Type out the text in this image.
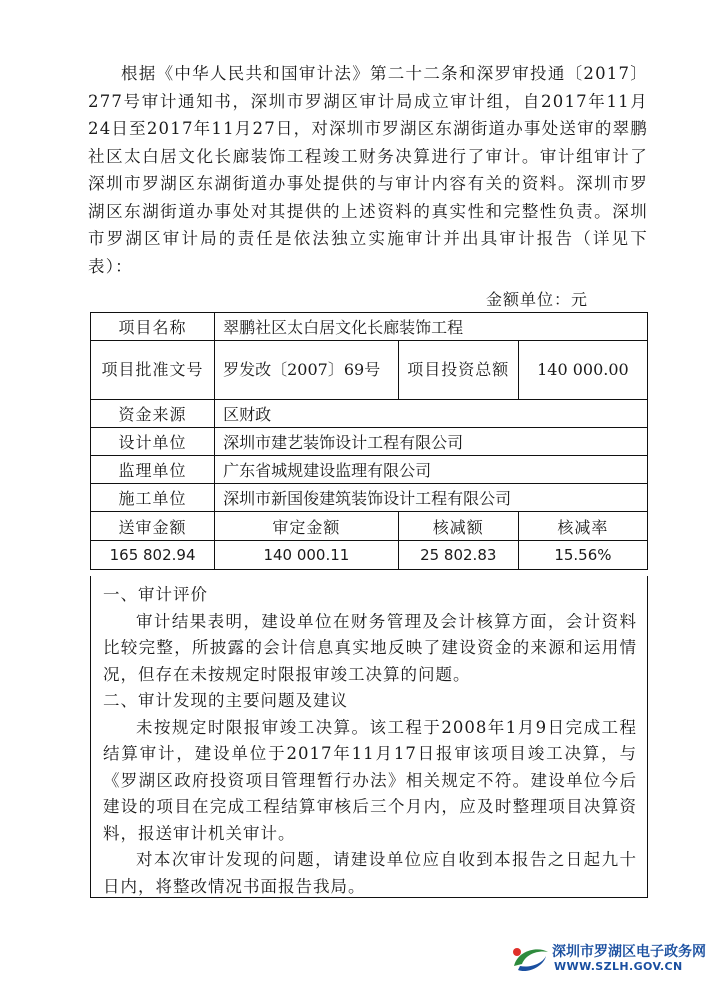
根据《中华人民共和国审计法》第二十二条和深罗审投通〔2017〕277号审计通知书，深圳市罗湖区审计局成立审计组，自2017年11月24日至2017年11月27日，对深圳市罗湖区东湖街道办事处送审的翠鹏社区太白居文化长廊装饰工程竣工财务决算进行了审计。审计组审计了深圳市罗湖区东湖街道办事处提供的与审计内容有关的资料。深圳市罗湖区东湖街道办事处对其提供的上述资料的真实性和完整性负责。深圳市罗湖区审计局的责任是依法独立实施审计并出具审计报告（详见下表）：
金额单位：元
项目名称	翠鹏社区太白居文化长廊装饰工程		
项目批准文号	罗发改〔2007〕69号	项目投资总额	140 000.00
资金来源	区财政		
设计单位	深圳市建艺装饰设计工程有限公司		
监理单位	广东省城规建设监理有限公司		
施工单位	深圳市新国俊建筑装饰设计工程有限公司		
送审金额	审定金额	核减额	核减率
165 802.94	140 000.11	25 802.83	15.56%

一、审计评价

审计结果表明，建设单位在财务管理及会计核算方面，会计资料比较完整，所披露的会计信息真实地反映了建设资金的来源和运用情况，但存在未按规定时限报审竣工决算的问题。

二、审计发现的主要问题及建议

未按规定时限报审竣工决算。该工程于2008年1月9日完成工程结算审计，建设单位于2017年11月17日报审该项目竣工决算，与《罗湖区政府投资项目管理暂行办法》相关规定不符。建设单位今后建设的项目在完成工程结算审核后三个月内，应及时整理项目决算资料，报送审计机关审计。

对本次审计发现的问题，请建设单位应自收到本报告之日起九十日内，将整改情况书面报告我局。

深圳市罗湖区电子政务网
WWW.SZLH.GOV.CN
